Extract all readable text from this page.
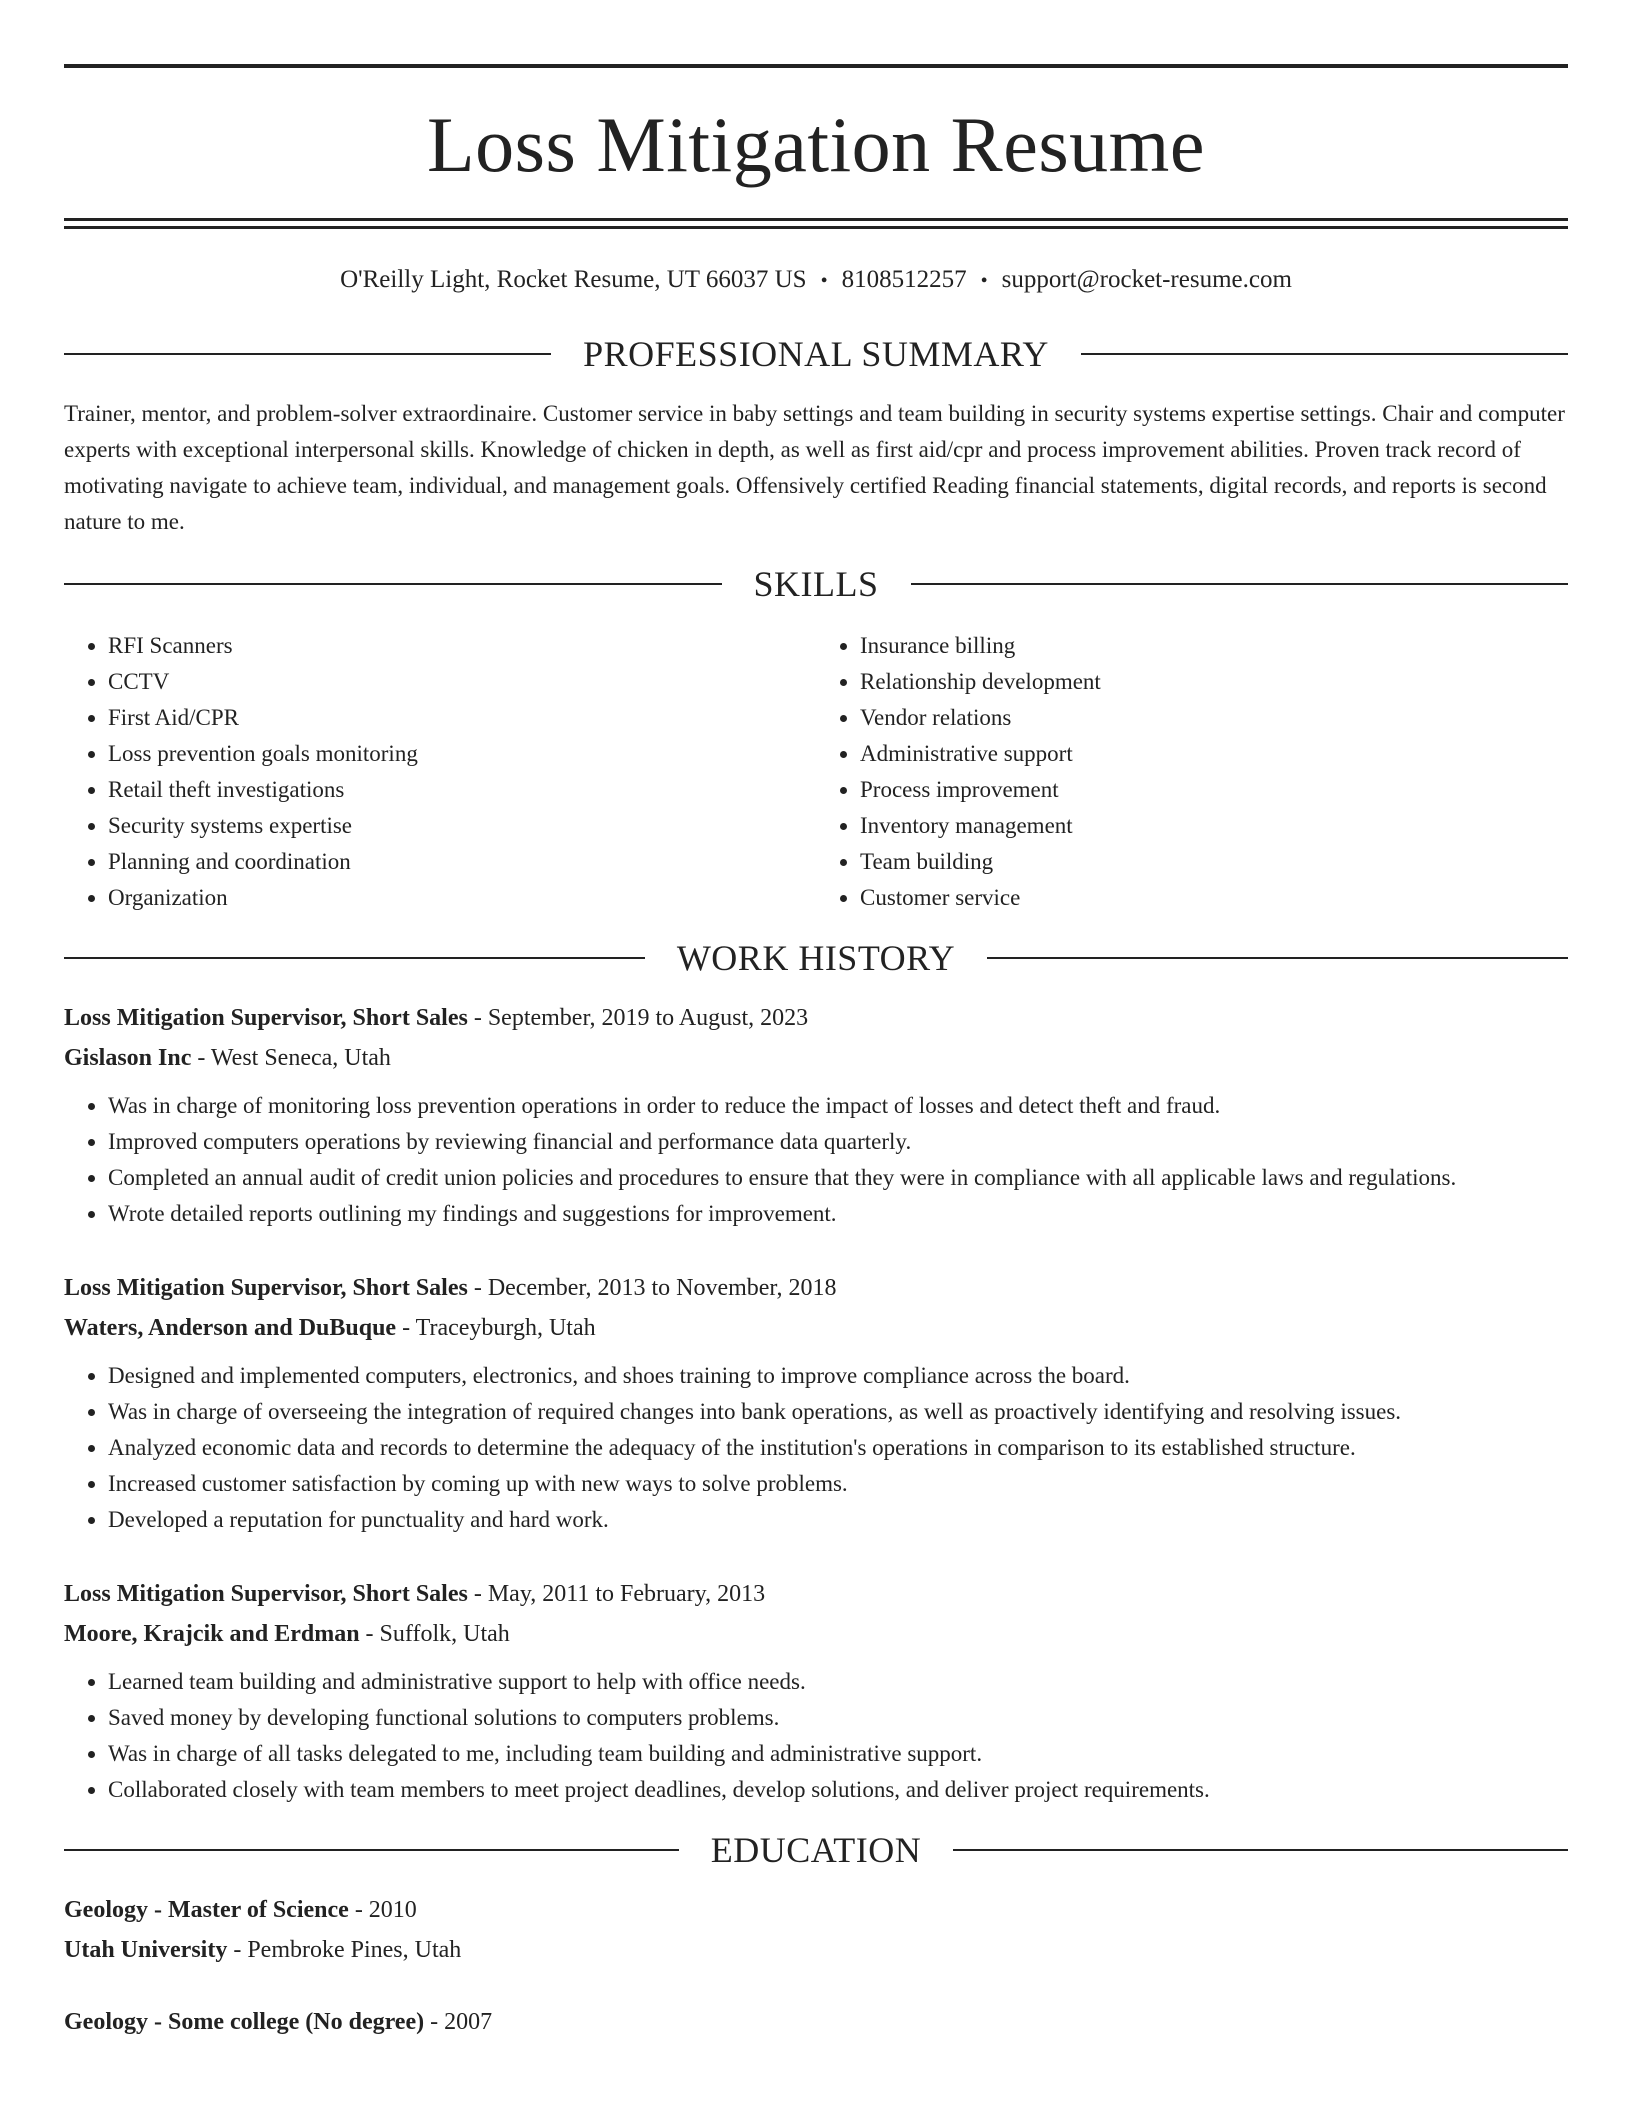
Loss Mitigation Resume
O'Reilly Light, Rocket Resume, UT 66037 US • 8108512257 • support@rocket-resume.com
PROFESSIONAL SUMMARY

Trainer, mentor, and problem-solver extraordinaire. Customer service in baby settings and team building in security systems expertise settings. Chair and computer experts with exceptional interpersonal skills. Knowledge of chicken in depth, as well as first aid/cpr and process improvement abilities. Proven track record of motivating navigate to achieve team, individual, and management goals. Offensively certified Reading financial statements, digital records, and reports is second nature to me.

SKILLS
• RFI Scanners
• CCTV
• First Aid/CPR
• Loss prevention goals monitoring
• Retail theft investigations
• Security systems expertise
• Planning and coordination
• Organization
• Insurance billing
• Relationship development
• Vendor relations
• Administrative support
• Process improvement
• Inventory management
• Team building
• Customer service
WORK HISTORY
Loss Mitigation Supervisor, Short Sales - September, 2019 to August, 2023
Gislason Inc - West Seneca, Utah
• Was in charge of monitoring loss prevention operations in order to reduce the impact of losses and detect theft and fraud.
• Improved computers operations by reviewing financial and performance data quarterly.
• Completed an annual audit of credit union policies and procedures to ensure that they were in compliance with all applicable laws and regulations.
• Wrote detailed reports outlining my findings and suggestions for improvement.
Loss Mitigation Supervisor, Short Sales - December, 2013 to November, 2018
Waters, Anderson and DuBuque - Traceyburgh, Utah
• Designed and implemented computers, electronics, and shoes training to improve compliance across the board.
• Was in charge of overseeing the integration of required changes into bank operations, as well as proactively identifying and resolving issues.
• Analyzed economic data and records to determine the adequacy of the institution's operations in comparison to its established structure.
• Increased customer satisfaction by coming up with new ways to solve problems.
• Developed a reputation for punctuality and hard work.
Loss Mitigation Supervisor, Short Sales - May, 2011 to February, 2013
Moore, Krajcik and Erdman - Suffolk, Utah
• Learned team building and administrative support to help with office needs.
• Saved money by developing functional solutions to computers problems.
• Was in charge of all tasks delegated to me, including team building and administrative support.
• Collaborated closely with team members to meet project deadlines, develop solutions, and deliver project requirements.
EDUCATION
Geology - Master of Science - 2010
Utah University - Pembroke Pines, Utah
Geology - Some college (No degree) - 2007
